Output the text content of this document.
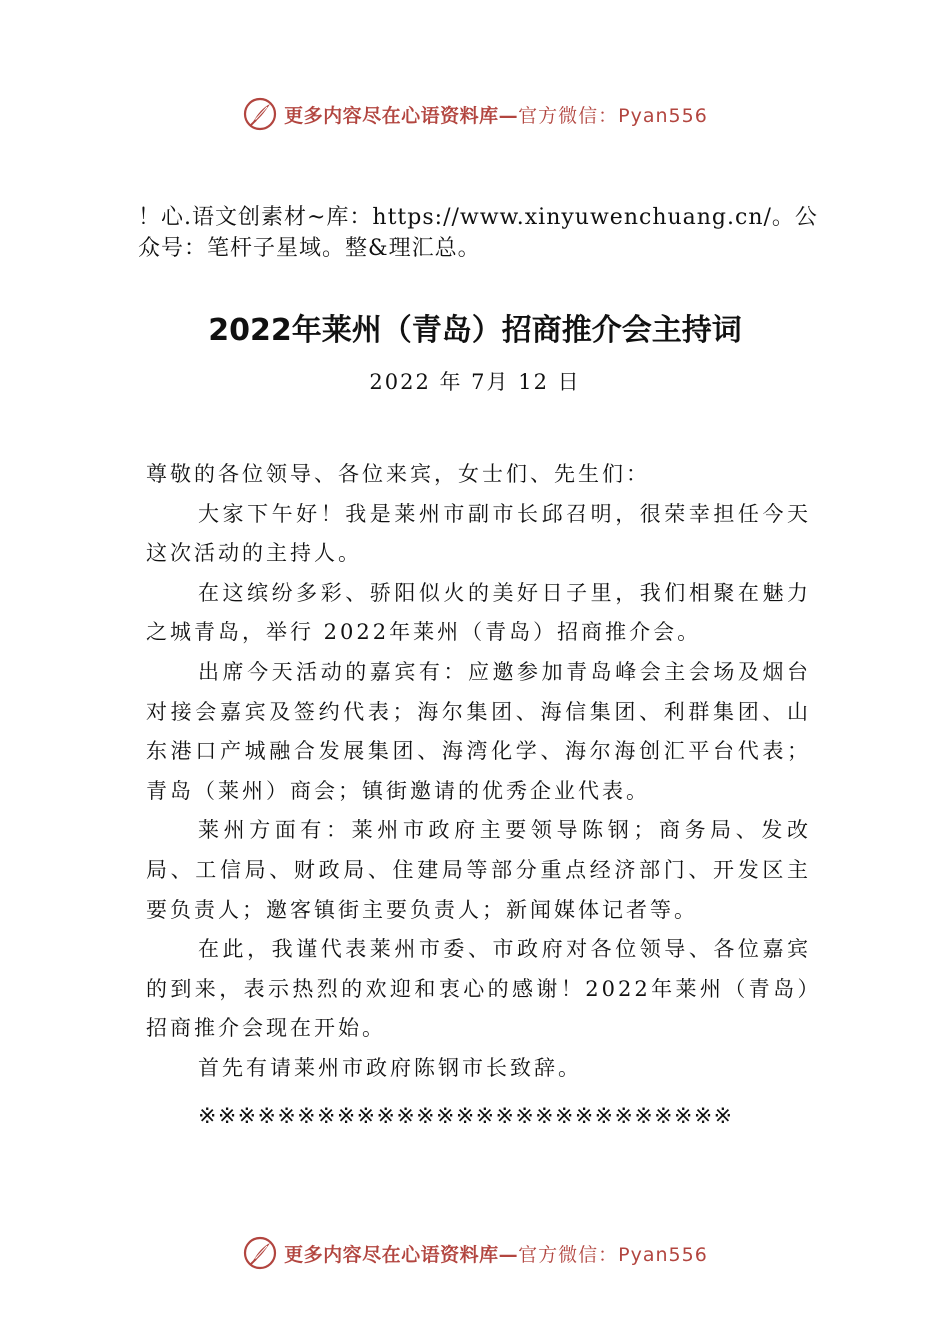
更多内容尽在心语资料库— 官方微信：Pyan556
！心.语文创素材~库：https://www.xinyuwenchuang.cn/。公众号：笔杆子星域。整&理汇总。
2022年莱州（青岛）招商推介会主持词
2022 年 7月 12 日

尊敬的各位领导、各位来宾，女士们、先生们：

大家下午好！我是莱州市副市长邱召明，很荣幸担任今天这次活动的主持人。

在这缤纷多彩、骄阳似火的美好日子里，我们相聚在魅力之城青岛，举行 2022年莱州（青岛）招商推介会。

出席今天活动的嘉宾有：应邀参加青岛峰会主会场及烟台对接会嘉宾及签约代表；海尔集团、海信集团、利群集团、山东港口产城融合发展集团、海湾化学、海尔海创汇平台代表；青岛（莱州）商会；镇街邀请的优秀企业代表。

莱州方面有：莱州市政府主要领导陈钢；商务局、发改局、工信局、财政局、住建局等部分重点经济部门、开发区主要负责人；邀客镇街主要负责人；新闻媒体记者等。

在此，我谨代表莱州市委、市政府对各位领导、各位嘉宾的到来，表示热烈的欢迎和衷心的感谢！2022年莱州（青岛）招商推介会现在开始。

首先有请莱州市政府陈钢市长致辞。

※※※※※※※※※※※※※※※※※※※※※※※※※※※
更多内容尽在心语资料库— 官方微信：Pyan556
